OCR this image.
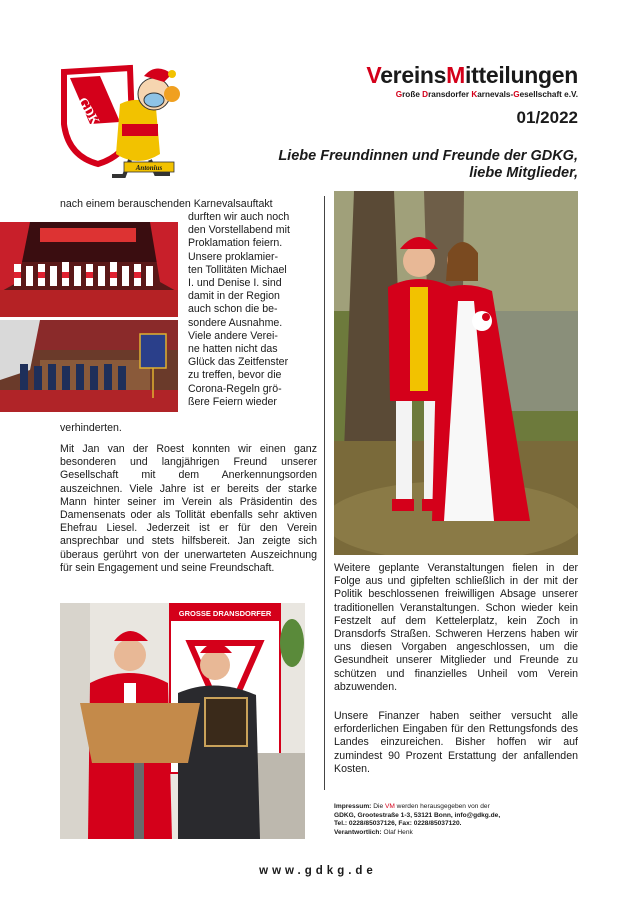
GDKG
Antonius
VereinsMitteilungen
Große Dransdorfer Karnevals-Gesellschaft e.V.
01/2022
Liebe Freundinnen und Freunde der GDKG,
liebe Mitglieder,
nach einem berauschenden Karnevalsauftakt

durften wir auch noch

den Vorstellabend mit

Proklamation feiern.

Unsere proklamier-

ten Tollitäten Michael

I. und Denise I. sind

damit in der Region

auch schon die be-

sondere Ausnahme.

Viele andere Verei-

ne hatten nicht das

Glück das Zeitfenster

zu treffen, bevor die

Corona-Regeln grö-

ßere Feiern wieder

verhinderten.

Mit Jan van der Roest konnten wir einen ganz besonderen und langjährigen Freund unserer Gesellschaft mit dem Anerkennungsorden auszeichnen. Viele Jahre ist er bereits der starke Mann hinter seiner im Verein als Präsidentin des Damensenats oder als Tollität ebenfalls sehr aktiven Ehefrau Liesel. Jederzeit ist er für den Verein ansprechbar und stets hilfsbereit. Jan zeigte sich überaus gerührt von der unerwarteten Auszeichnung für sein Engagement und seine Freundschaft.

GROSSE DRANSDORFER

Weitere geplante Veranstaltungen fielen in der Folge aus und gipfelten schließlich in der mit der Politik beschlossenen freiwilligen Absage unserer traditionellen Veranstaltungen. Schon wieder kein Festzelt auf dem Kettelerplatz, kein Zoch in Dransdorfs Straßen. Schweren Herzens haben wir uns diesen Vorgaben angeschlossen, um die Gesundheit unserer Mitglieder und Freunde zu schützen und finanzielles Unheil vom Verein abzuwenden.

Unsere Finanzer haben seither versucht alle erforderlichen Eingaben für den Rettungsfonds des Landes einzureichen. Bisher hoffen wir auf zumindest 90 Prozent Erstattung der anfallenden Kosten.

Impressum: Die VM werden herausgegeben von der
GDKG, Grootestraße 1-3, 53121 Bonn, info@gdkg.de,
Tel.: 0228/85037126, Fax: 0228/85037120.
Verantwortlich: Olaf Henk
www.gdkg.de
